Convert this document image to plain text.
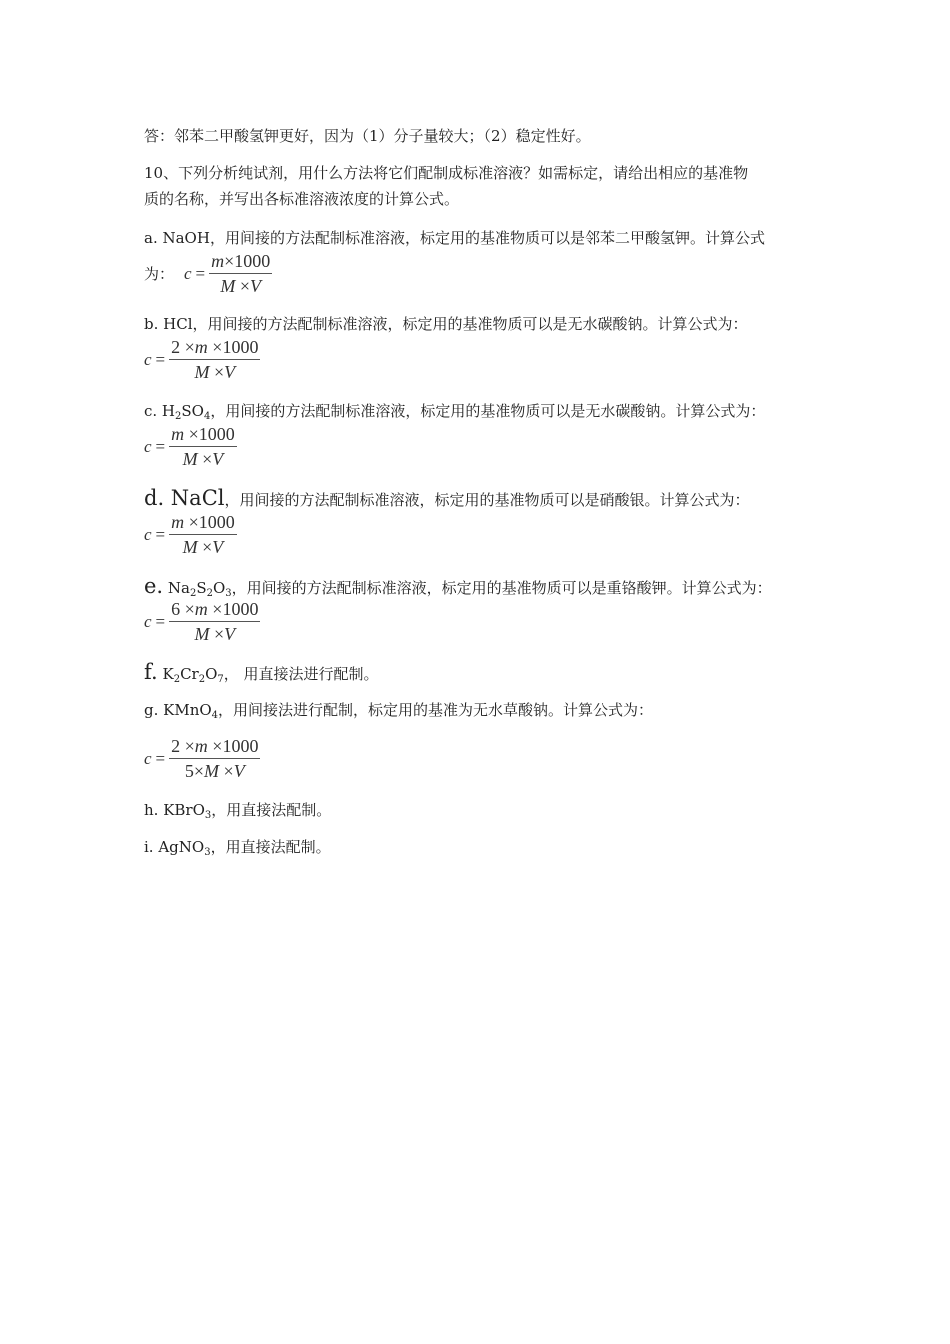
答：邻苯二甲酸氢钾更好，因为（1）分子量较大；（2）稳定性好。
10、下列分析纯试剂，用什么方法将它们配制成标准溶液？如需标定，请给出相应的基准物
质的名称，并写出各标准溶液浓度的计算公式。
a. NaOH，用间接的方法配制标准溶液，标定用的基准物质可以是邻苯二甲酸氢钾。计算公式
为： $c = \frac{m\times 1000}{M \times V}$
b. HCl，用间接的方法配制标准溶液，标定用的基准物质可以是无水碳酸钠。计算公式为：
$c = \frac{2 \times m \times 1000}{M \times V}$
c. $H_2SO_4$，用间接的方法配制标准溶液，标定用的基准物质可以是无水碳酸钠。计算公式为：
$c = \frac{m \times 1000}{M \times V}$
d. NaCl，用间接的方法配制标准溶液，标定用的基准物质可以是硝酸银。计算公式为：
$c = \frac{m \times 1000}{M \times V}$
e. $Na_2S_2O_3$，用间接的方法配制标准溶液，标定用的基准物质可以是重铬酸钾。计算公式为：
$c = \frac{6 \times m \times 1000}{M \times V}$
f. $K_2Cr_2O_7$， 用直接法进行配制。
g. KMnO$_4$，用间接法进行配制，标定用的基准为无水草酸钠。计算公式为：
$c = \frac{2 \times m \times 1000}{5\times M \times V}$
h. KBrO$_3$，用直接法配制。
i. AgNO$_3$，用直接法配制。
